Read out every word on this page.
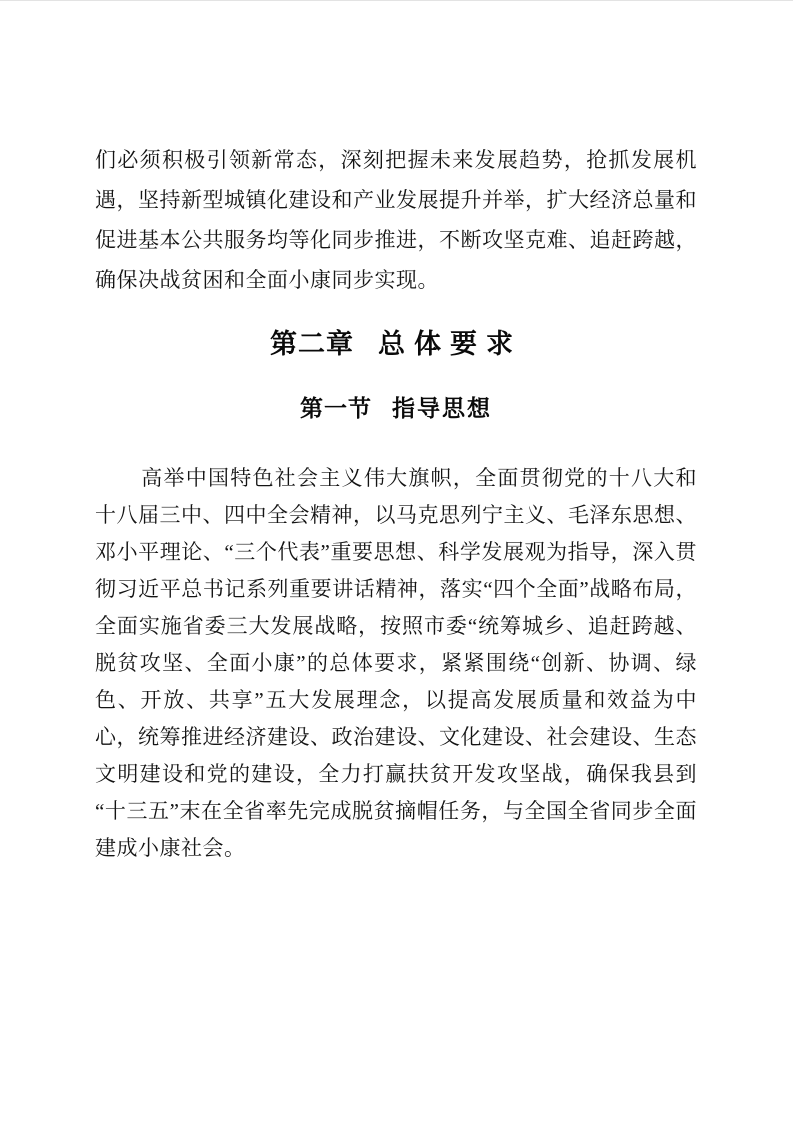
们必须积极引领新常态，深刻把握未来发展趋势，抢抓发展机遇，坚持新型城镇化建设和产业发展提升并举，扩大经济总量和促进基本公共服务均等化同步推进，不断攻坚克难、追赶跨越，确保决战贫困和全面小康同步实现。

第二章 总体要求
第一节 指导思想

高举中国特色社会主义伟大旗帜，全面贯彻党的十八大和十八届三中、四中全会精神，以马克思列宁主义、毛泽东思想、邓小平理论、“三个代表”重要思想、科学发展观为指导，深入贯彻习近平总书记系列重要讲话精神，落实“四个全面”战略布局，全面实施省委三大发展战略，按照市委“统筹城乡、追赶跨越、脱贫攻坚、全面小康”的总体要求，紧紧围绕“创新、协调、绿色、开放、共享”五大发展理念，以提高发展质量和效益为中心，统筹推进经济建设、政治建设、文化建设、社会建设、生态文明建设和党的建设，全力打赢扶贫开发攻坚战，确保我县到“十三五”末在全省率先完成脱贫摘帽任务，与全国全省同步全面建成小康社会。
